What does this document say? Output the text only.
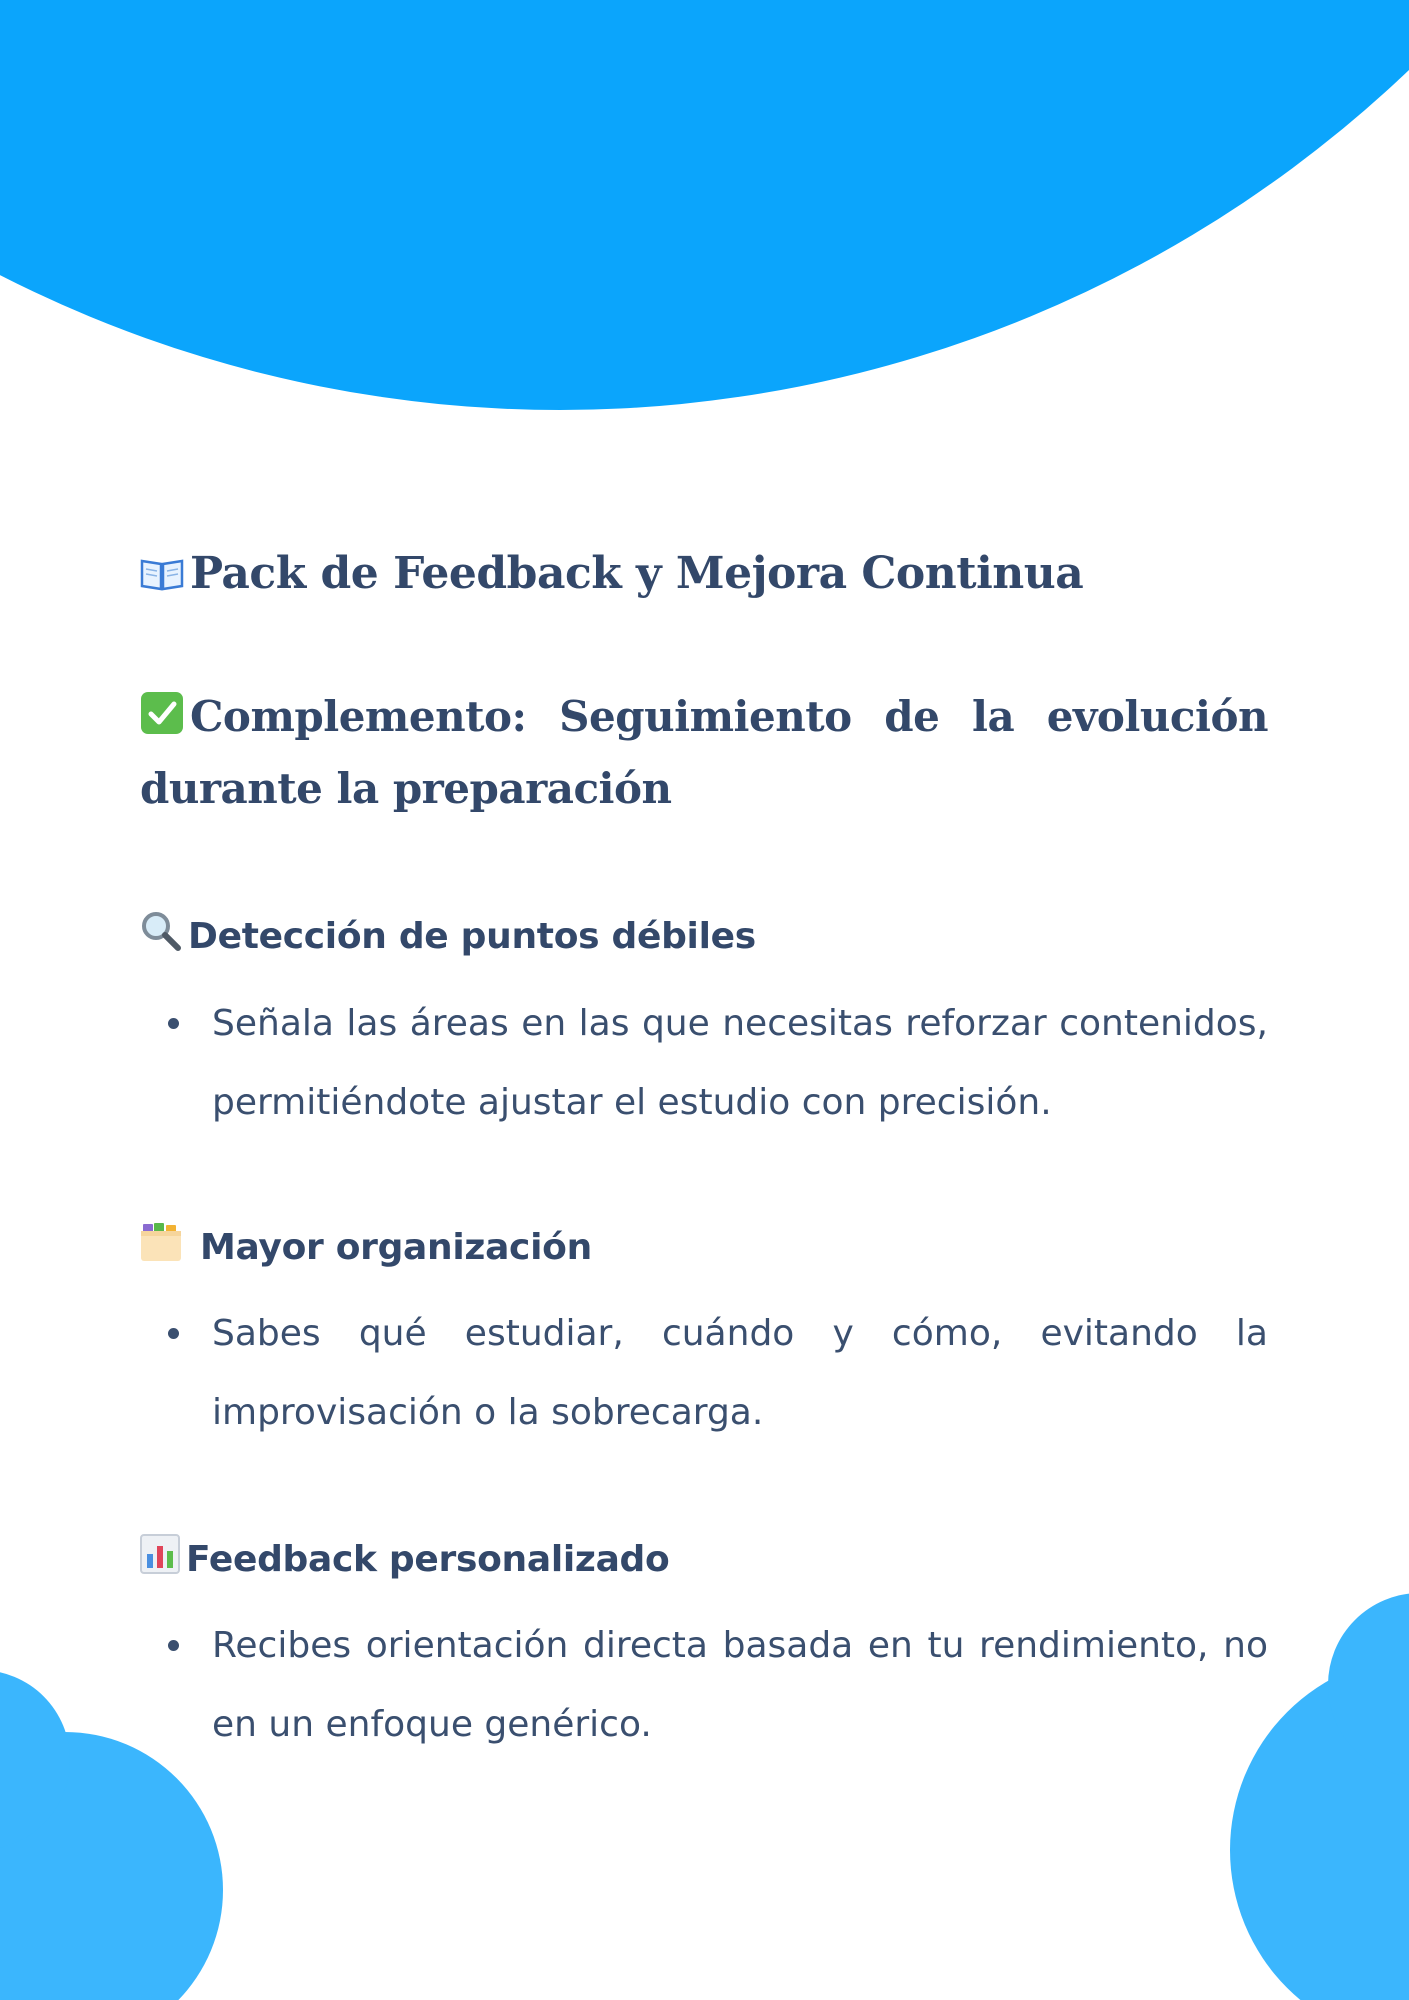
Pack de Feedback y Mejora Continua

Complemento: Seguimiento de la evolución durante la preparación

Detección de puntos débiles
Señala las áreas en las que necesitas reforzar contenidos, permitiéndote ajustar el estudio con precisión.
Mayor organización
Sabes qué estudiar, cuándo y cómo, evitando la improvisación o la sobrecarga.
Feedback personalizado
Recibes orientación directa basada en tu rendimiento, no en un enfoque genérico.
